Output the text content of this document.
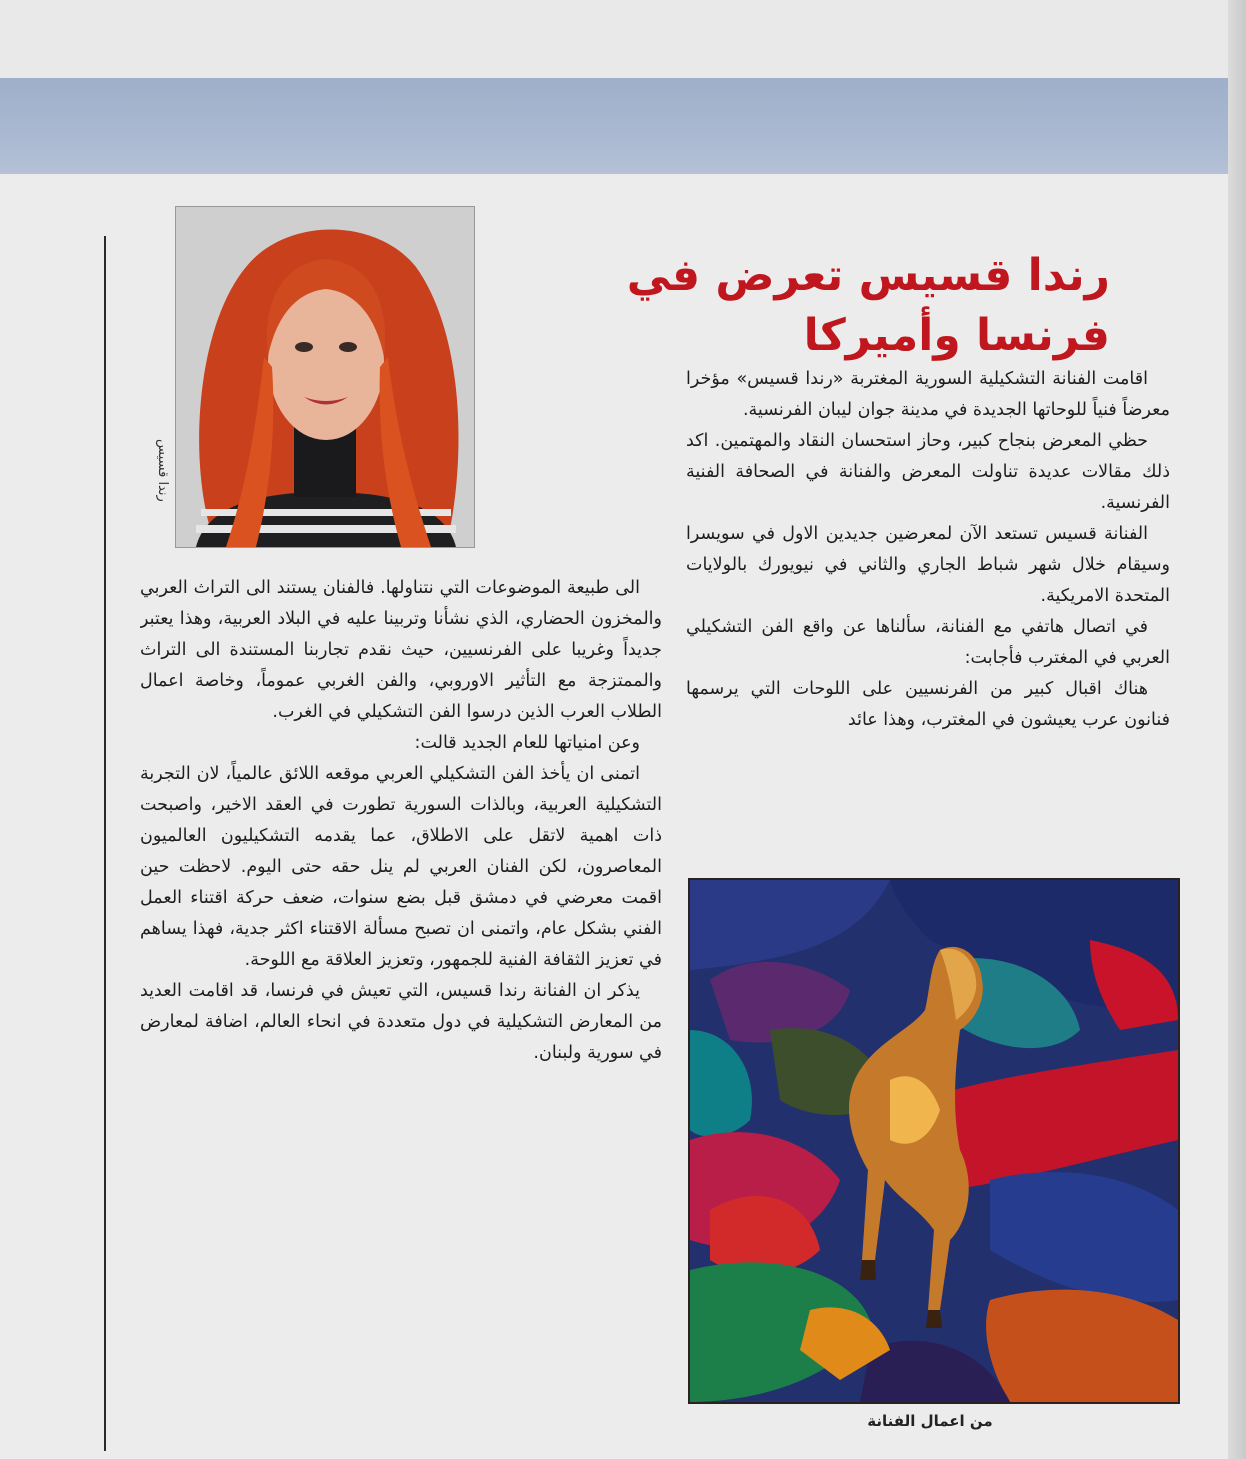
رندا قسيس تعرض في فرنسا وأميركا
رندا قسيس

اقامت الفنانة التشكيلية السورية المغتربة «رندا قسيس» مؤخرا معرضاً فنياً للوحاتها الجديدة في مدينة جوان ليبان الفرنسية.

حظي المعرض بنجاح كبير، وحاز استحسان النقاد والمهتمين. اكد ذلك مقالات عديدة تناولت المعرض والفنانة في الصحافة الفنية الفرنسية.

الفنانة قسيس تستعد الآن لمعرضين جديدين الاول في سويسرا وسيقام خلال شهر شباط الجاري والثاني في نيويورك بالولايات المتحدة الامريكية.

في اتصال هاتفي مع الفنانة، سألناها عن واقع الفن التشكيلي العربي في المغترب فأجابت:

هناك اقبال كبير من الفرنسيين على اللوحات التي يرسمها فنانون عرب يعيشون في المغترب، وهذا عائد

الى طبيعة الموضوعات التي نتناولها. فالفنان يستند الى التراث العربي والمخزون الحضاري، الذي نشأنا وتربينا عليه في البلاد العربية، وهذا يعتبر جديداً وغريبا على الفرنسيين، حيث نقدم تجاربنا المستندة الى التراث والممتزجة مع التأثير الاوروبي، والفن الغربي عموماً، وخاصة اعمال الطلاب العرب الذين درسوا الفن التشكيلي في الغرب.

وعن امنياتها للعام الجديد قالت:

اتمنى ان يأخذ الفن التشكيلي العربي موقعه اللائق عالمياً، لان التجربة التشكيلية العربية، وبالذات السورية تطورت في العقد الاخير، واصبحت ذات اهمية لاتقل على الاطلاق، عما يقدمه التشكيليون العالميون المعاصرون، لكن الفنان العربي لم ينل حقه حتى اليوم. لاحظت حين اقمت معرضي في دمشق قبل بضع سنوات، ضعف حركة اقتناء العمل الفني بشكل عام، واتمنى ان تصبح مسألة الاقتناء اكثر جدية، فهذا يساهم في تعزيز الثقافة الفنية للجمهور، وتعزيز العلاقة مع اللوحة.

يذكر ان الفنانة رندا قسيس، التي تعيش في فرنسا، قد اقامت العديد من المعارض التشكيلية في دول متعددة في انحاء العالم، اضافة لمعارض في سورية ولبنان.

من اعمال الفنانة
